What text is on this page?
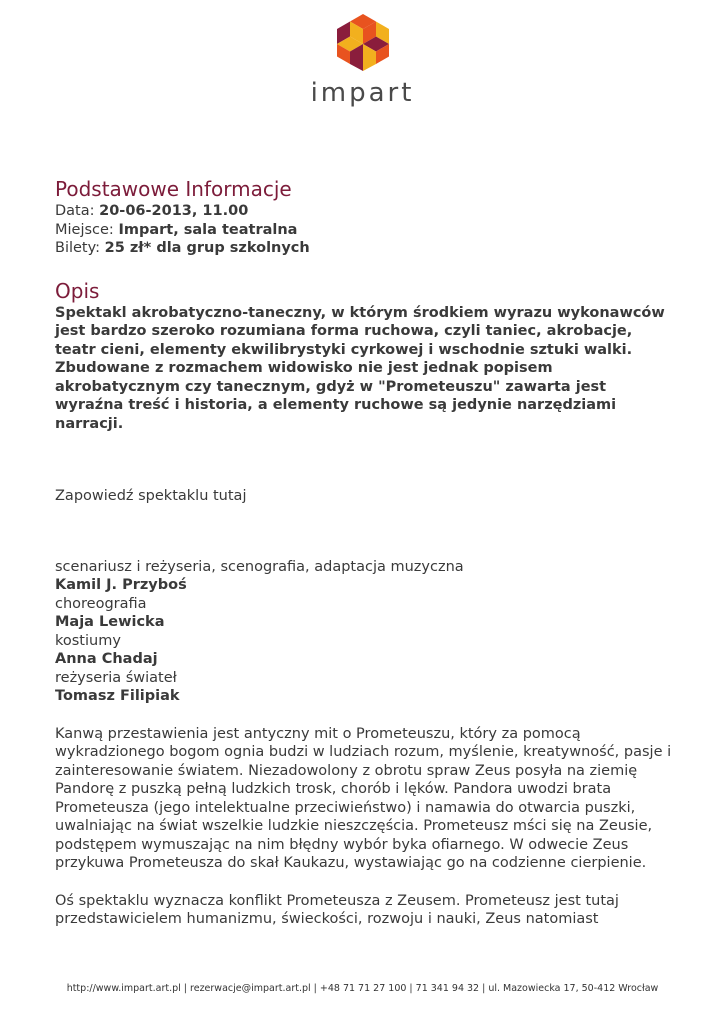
impart
Podstawowe Informacje

Data: 20-06-2013, 11.00

Miejsce: Impart, sala teatralna

Bilety: 25 zł* dla grup szkolnych

Opis

Spektakl akrobatyczno-taneczny, w którym środkiem wyrazu wykonawców jest bardzo szeroko rozumiana forma ruchowa, czyli taniec, akrobacje, teatr cieni, elementy ekwilibrystyki cyrkowej i wschodnie sztuki walki. Zbudowane z rozmachem widowisko nie jest jednak popisem akrobatycznym czy tanecznym, gdyż w "Prometeuszu" zawarta jest wyraźna treść i historia, a elementy ruchowe są jedynie narzędziami narracji.

Zapowiedź spektaklu tutaj

scenariusz i reżyseria, scenografia, adaptacja muzyczna

Kamil J. Przyboś

choreografia

Maja Lewicka

kostiumy

Anna Chadaj

reżyseria świateł

Tomasz Filipiak

Kanwą przestawienia jest antyczny mit o Prometeuszu, który za pomocą wykradzionego bogom ognia budzi w ludziach rozum, myślenie, kreatywność, pasje i zainteresowanie światem. Niezadowolony z obrotu spraw Zeus posyła na ziemię Pandorę z puszką pełną ludzkich trosk, chorób i lęków. Pandora uwodzi brata Prometeusza (jego intelektualne przeciwieństwo) i namawia do otwarcia puszki, uwalniając na świat wszelkie ludzkie nieszczęścia. Prometeusz mści się na Zeusie, podstępem wymuszając na nim błędny wybór byka ofiarnego. W odwecie Zeus przykuwa Prometeusza do skał Kaukazu, wystawiając go na codzienne cierpienie.

Oś spektaklu wyznacza konflikt Prometeusza z Zeusem. Prometeusz jest tutaj przedstawicielem humanizmu, świeckości, rozwoju i nauki, Zeus natomiast

http://www.impart.art.pl | rezerwacje@impart.art.pl | +48 71 71 27 100 | 71 341 94 32 | ul. Mazowiecka 17, 50-412 Wrocław
